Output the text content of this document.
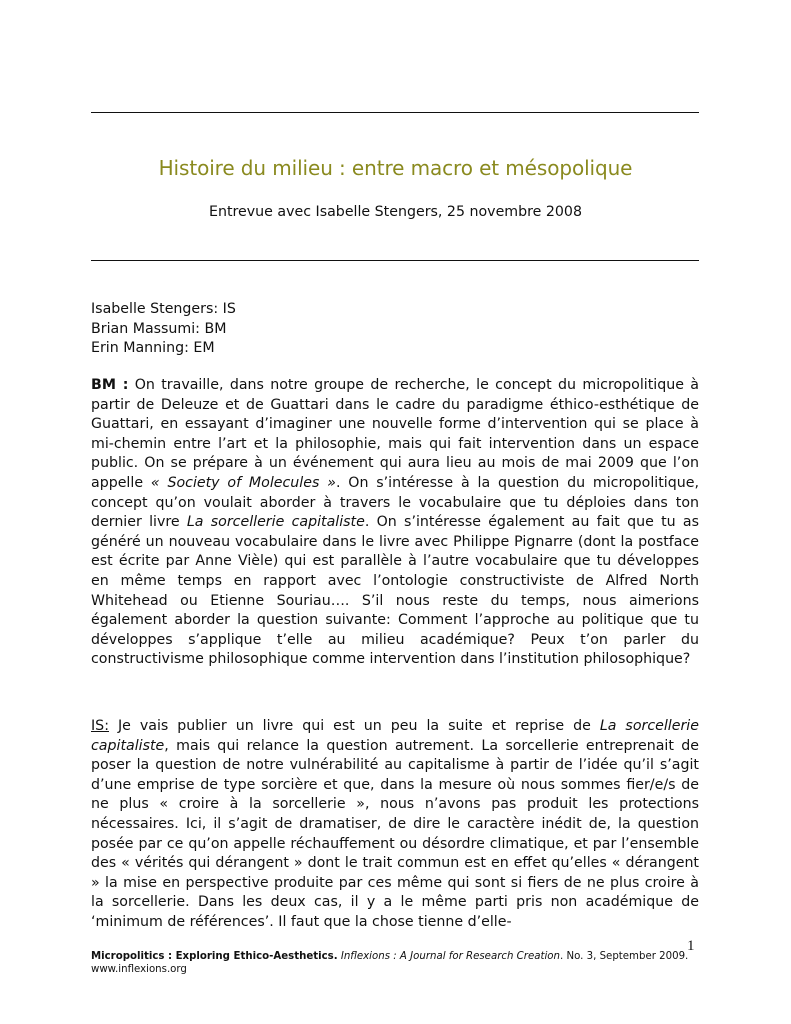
Histoire du milieu : entre macro et mésopolique

Entrevue avec Isabelle Stengers, 25 novembre 2008

Isabelle Stengers: IS
Brian Massumi: BM
Erin Manning: EM

BM : On travaille, dans notre groupe de recherche, le concept du micropolitique à partir de Deleuze et de Guattari dans le cadre du paradigme éthico-esthétique de Guattari, en essayant d’imaginer une nouvelle forme d’intervention qui se place à mi-chemin entre l’art et la philosophie, mais qui fait intervention dans un espace public. On se prépare à un événement qui aura lieu au mois de mai 2009 que l’on appelle « Society of Molecules ». On s’intéresse à la question du micropolitique, concept qu’on voulait aborder à travers le vocabulaire que tu déploies dans ton dernier livre La sorcellerie capitaliste. On s’intéresse également au fait que tu as généré un nouveau vocabulaire dans le livre avec Philippe Pignarre (dont la postface est écrite par Anne Vièle) qui est parallèle à l’autre vocabulaire que tu développes en même temps en rapport avec l’ontologie constructiviste de Alfred North Whitehead ou Etienne Souriau…. S’il nous reste du temps, nous aimerions également aborder la question suivante: Comment l’approche au politique que tu développes s’applique t’elle au milieu académique? Peux t’on parler du constructivisme philosophique comme intervention dans l’institution philosophique?

IS: Je vais publier un livre qui est un peu la suite et reprise de La sorcellerie capitaliste, mais qui relance la question autrement. La sorcellerie entreprenait de poser la question de notre vulnérabilité au capitalisme à partir de l’idée qu’il s’agit d’une emprise de type sorcière et que, dans la mesure où nous sommes fier/e/s de ne plus « croire à la sorcellerie », nous n’avons pas produit les protections nécessaires. Ici, il s’agit de dramatiser, de dire le caractère inédit de, la question posée par ce qu’on appelle réchauffement ou désordre climatique, et par l’ensemble des « vérités qui dérangent » dont le trait commun est en effet qu’elles « dérangent » la mise en perspective produite par ces même qui sont si fiers de ne plus croire à la sorcellerie. Dans les deux cas, il y a le même parti pris non académique de ‘minimum de références’. Il faut que la chose tienne d’elle-

1

Micropolitics : Exploring Ethico-Aesthetics. Inflexions : A Journal for Research Creation. No. 3, September 2009.
www.inflexions.org
